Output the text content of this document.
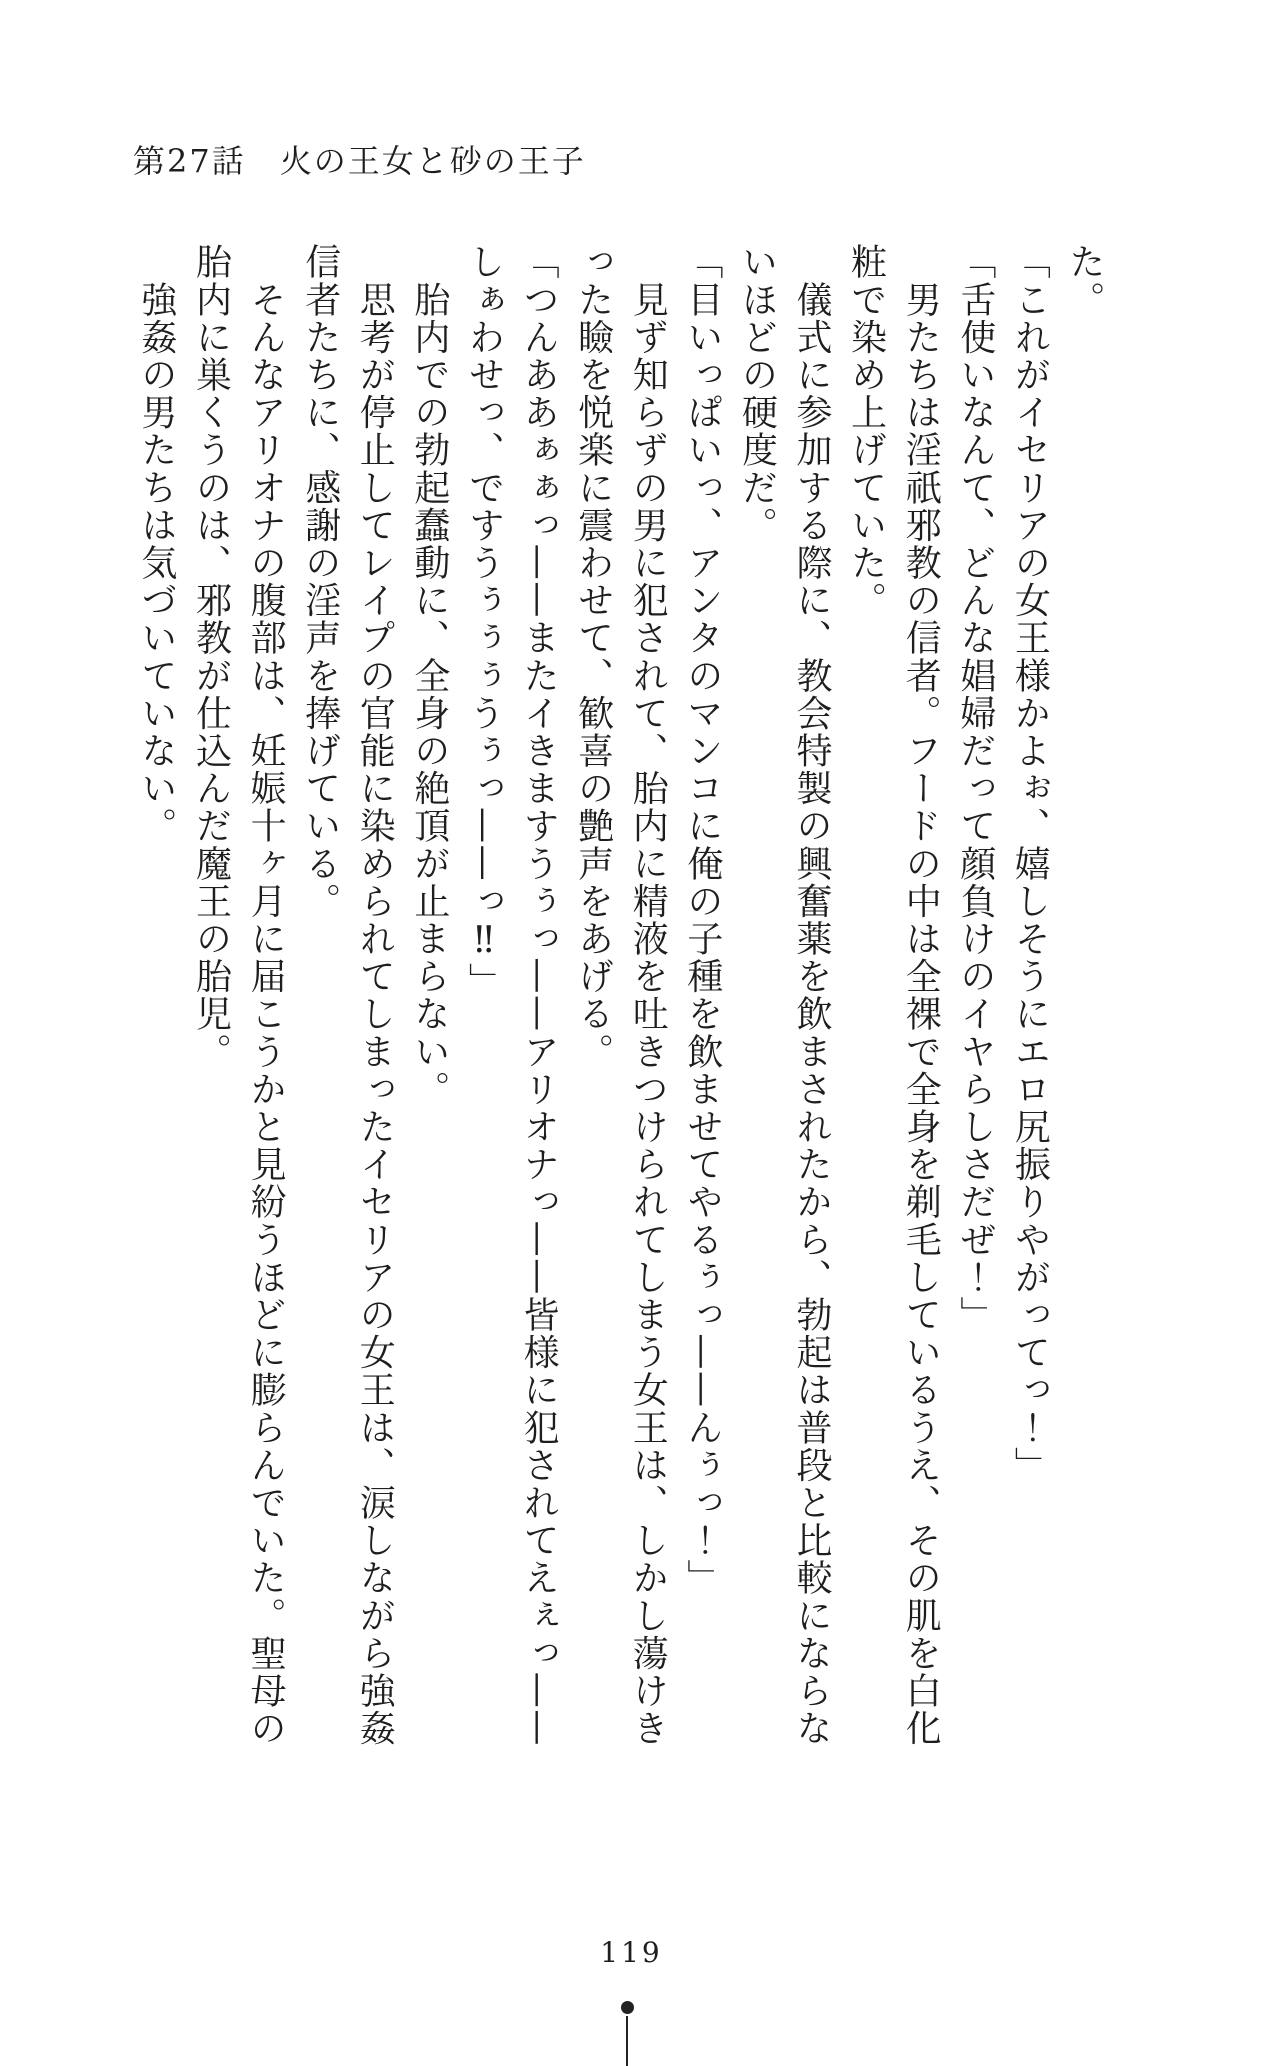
第27話　火の王女と砂の王子
た。
「これがイセリアの女王様かよぉ、嬉しそうにエロ尻振りやがってっ！」
「舌使いなんて、どんな娼婦だって顔負けのイヤらしさだぜ！」
　男たちは淫祇邪教の信者。フードの中は全裸で全身を剃毛しているうえ、その肌を白化
粧で染め上げていた。
　儀式に参加する際に、教会特製の興奮薬を飲まされたから、勃起は普段と比較にならな
いほどの硬度だ。
「目いっぱいっ、アンタのマンコに俺の子種を飲ませてやるぅっ——んぅっ！」
　見ず知らずの男に犯されて、胎内に精液を吐きつけられてしまう女王は、しかし蕩けき
った瞼を悦楽に震わせて、歓喜の艶声をあげる。
「つんああぁぁっ——またイきますうぅっ——アリオナっ——皆様に犯されてえぇっ——
しぁわせっ、ですうぅぅぅうぅっ——っ‼」
　胎内での勃起蠢動に、全身の絶頂が止まらない。
　思考が停止してレイプの官能に染められてしまったイセリアの女王は、涙しながら強姦
信者たちに、感謝の淫声を捧げている。
　そんなアリオナの腹部は、妊娠十ヶ月に届こうかと見紛うほどに膨らんでいた。聖母の
胎内に巣くうのは、邪教が仕込んだ魔王の胎児。
　強姦の男たちは気づいていない。
119
